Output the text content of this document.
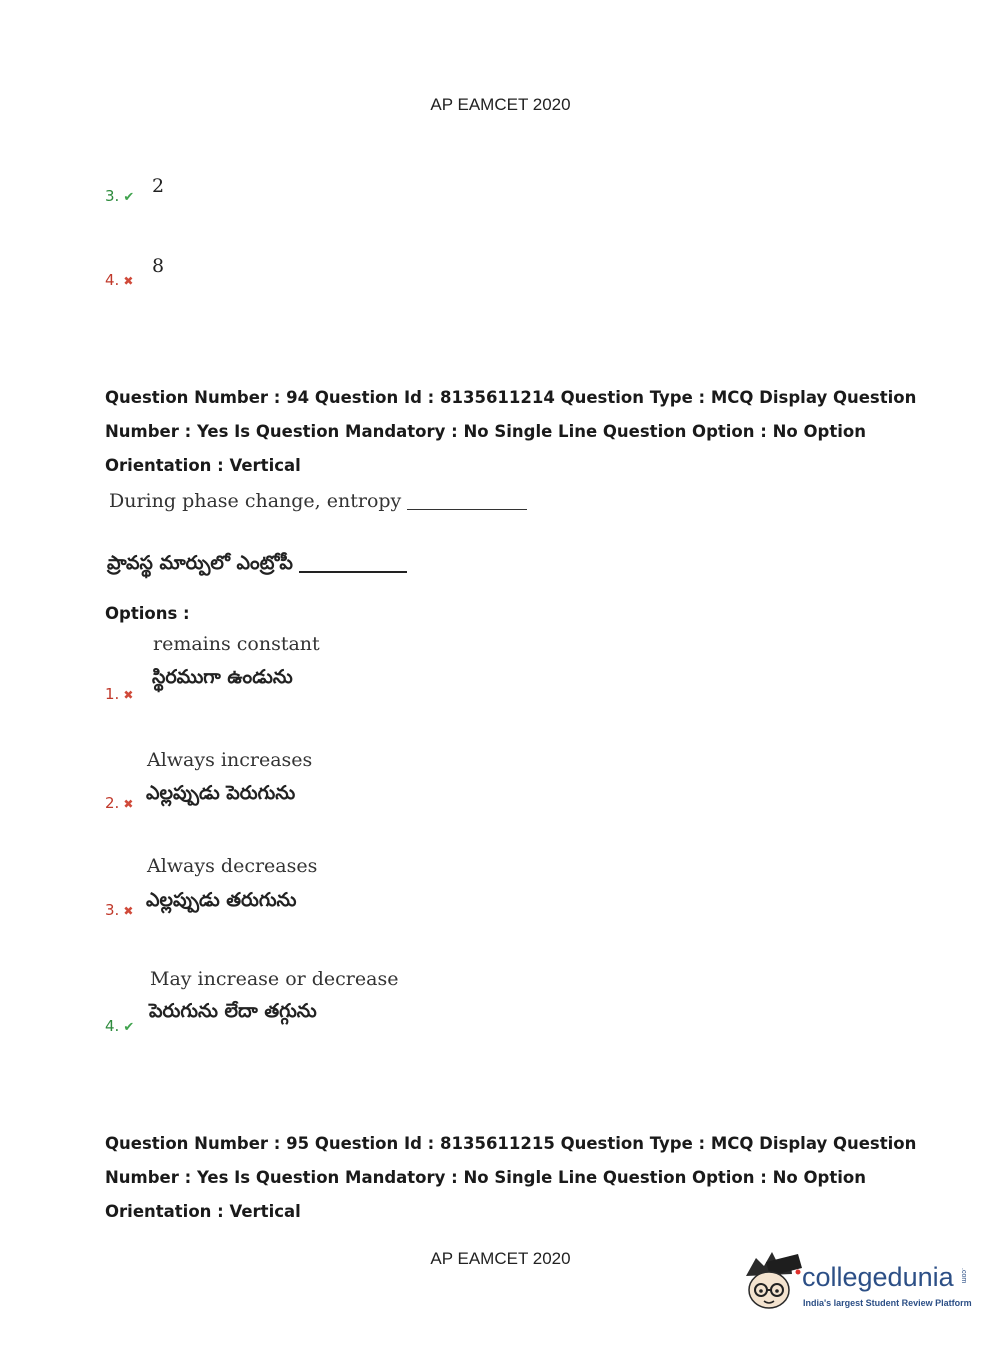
AP EAMCET 2020
3. ✔
2
4. ✖
8
Question Number : 94 Question Id : 8135611214 Question Type : MCQ Display Question
Number : Yes Is Question Mandatory : No Single Line Question Option : No Option
Orientation : Vertical
During phase change, entropy
ప్రావస్థ మార్పులో ఎంట్రోపీ
Options :
remains constant
స్థిరముగా ఉండును
1. ✖
Always increases
ఎల్లప్పుడు పెరుగును
2. ✖
Always decreases
ఎల్లప్పుడు తరుగును
3. ✖
May increase or decrease
పెరుగును లేదా తగ్గును
4. ✔
Question Number : 95 Question Id : 8135611215 Question Type : MCQ Display Question
Number : Yes Is Question Mandatory : No Single Line Question Option : No Option
Orientation : Vertical
AP EAMCET 2020
collegedunia .com
India's largest Student Review Platform
